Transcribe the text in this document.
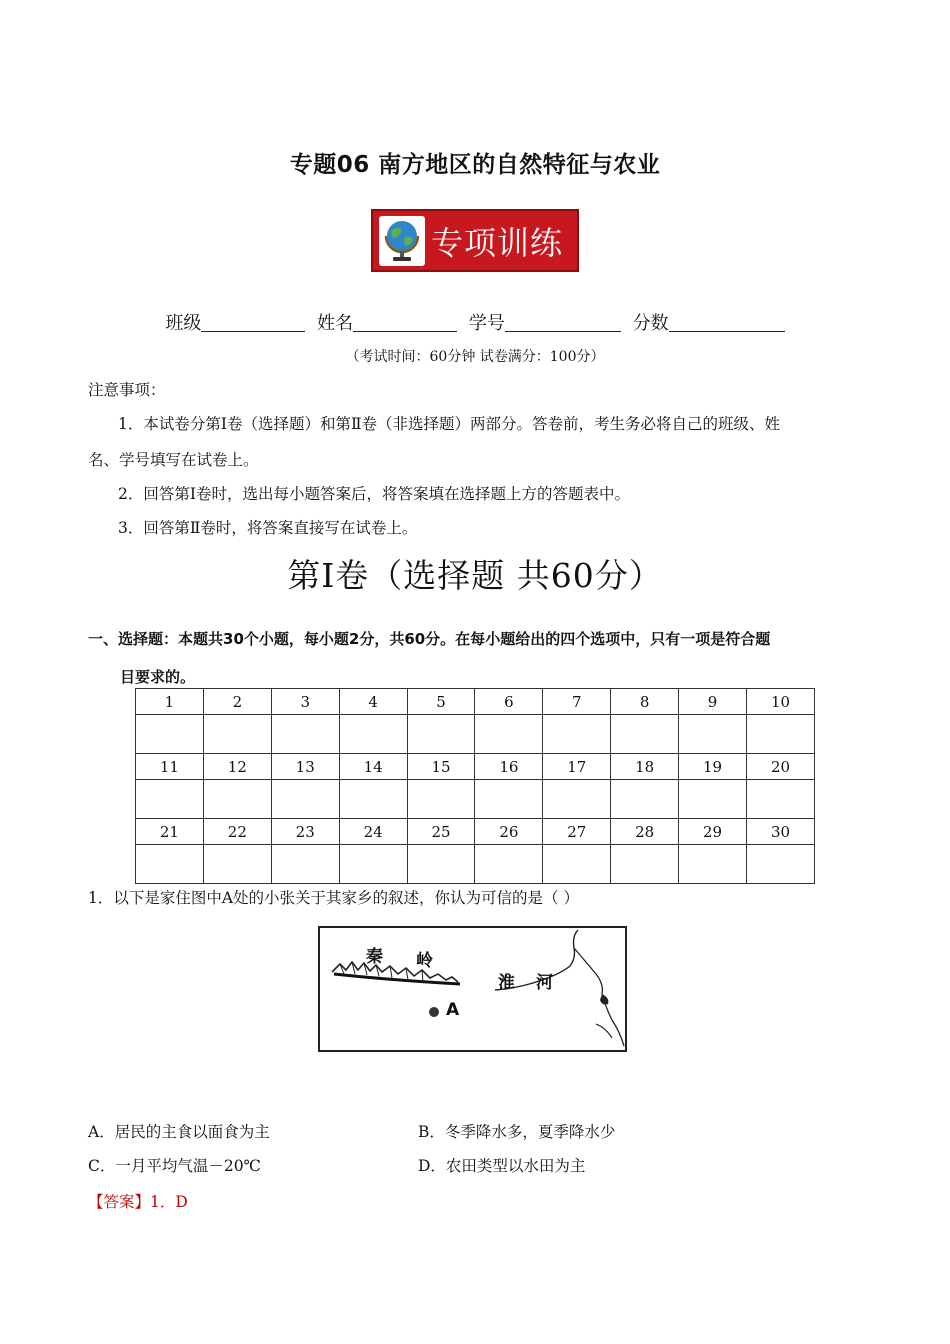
专题06 南方地区的自然特征与农业
专项训练
班级	姓名	学号	分数
（考试时间：60分钟 试卷满分：100分）
注意事项：
1．本试卷分第Ⅰ卷（选择题）和第Ⅱ卷（非选择题）两部分。答卷前，考生务必将自己的班级、姓
名、学号填写在试卷上。
2．回答第Ⅰ卷时，选出每小题答案后，将答案填在选择题上方的答题表中。
3．回答第Ⅱ卷时，将答案直接写在试卷上。
第Ⅰ卷（选择题 共60分）
一、选择题：本题共30个小题，每小题2分，共60分。在每小题给出的四个选项中，只有一项是符合题
目要求的。
1	2	3	4	5	6	7	8	9	10

11	12	13	14	15	16	17	18	19	20

21	22	23	24	25	26	27	28	29	30

1．以下是家住图中A处的小张关于其家乡的叙述，你认为可信的是（ ）
秦 岭
淮 河
A
A．居民的主食以面食为主	B．冬季降水多，夏季降水少
C．一月平均气温－20℃	D．农田类型以水田为主
【答案】1．D
